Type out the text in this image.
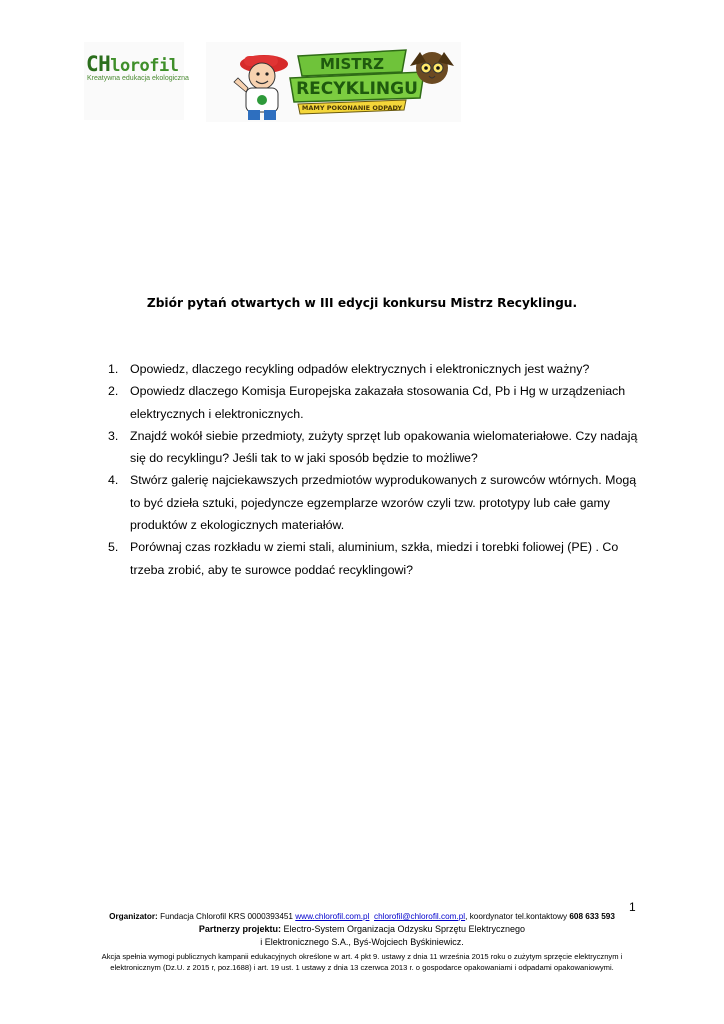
CHlorofil
Kreatywna edukacja ekologiczna
MISTRZ
RECYKLINGU
MAMY POKONANIE ODPADY
Zbiór pytań otwartych w III edycji konkursu Mistrz Recyklingu.
1. Opowiedz, dlaczego recykling odpadów elektrycznych i elektronicznych jest ważny?
2. Opowiedz dlaczego Komisja Europejska zakazała stosowania Cd, Pb i Hg w urządzeniach elektrycznych i elektronicznych.
3. Znajdź wokół siebie przedmioty, zużyty sprzęt lub opakowania wielomateriałowe. Czy nadają się do recyklingu? Jeśli tak to w jaki sposób będzie to możliwe?
4. Stwórz galerię najciekawszych przedmiotów wyprodukowanych z surowców wtórnych. Mogą to być dzieła sztuki, pojedyncze egzemplarze wzorów czyli tzw. prototypy lub całe gamy produktów z ekologicznych materiałów.
5. Porównaj czas rozkładu w ziemi stali, aluminium, szkła, miedzi i torebki foliowej (PE) . Co trzeba zrobić, aby te surowce poddać recyklingowi?
1
Organizator: Fundacja Chlorofil KRS 0000393451 www.chlorofil.com.pl chlorofil@chlorofil.com.pl, koordynator tel.kontaktowy 608 633 593
Partnerzy projektu: Electro-System Organizacja Odzysku Sprzętu Elektrycznego
i Elektronicznego S.A., Byś-Wojciech Byśkiniewicz.
Akcja spełnia wymogi publicznych kampanii edukacyjnych określone w art. 4 pkt 9. ustawy z dnia 11 września 2015 roku o zużytym sprzęcie elektrycznym i
elektronicznym (Dz.U. z 2015 r, poz.1688) i art. 19 ust. 1 ustawy z dnia 13 czerwca 2013 r. o gospodarce opakowaniami i odpadami opakowaniowymi.
